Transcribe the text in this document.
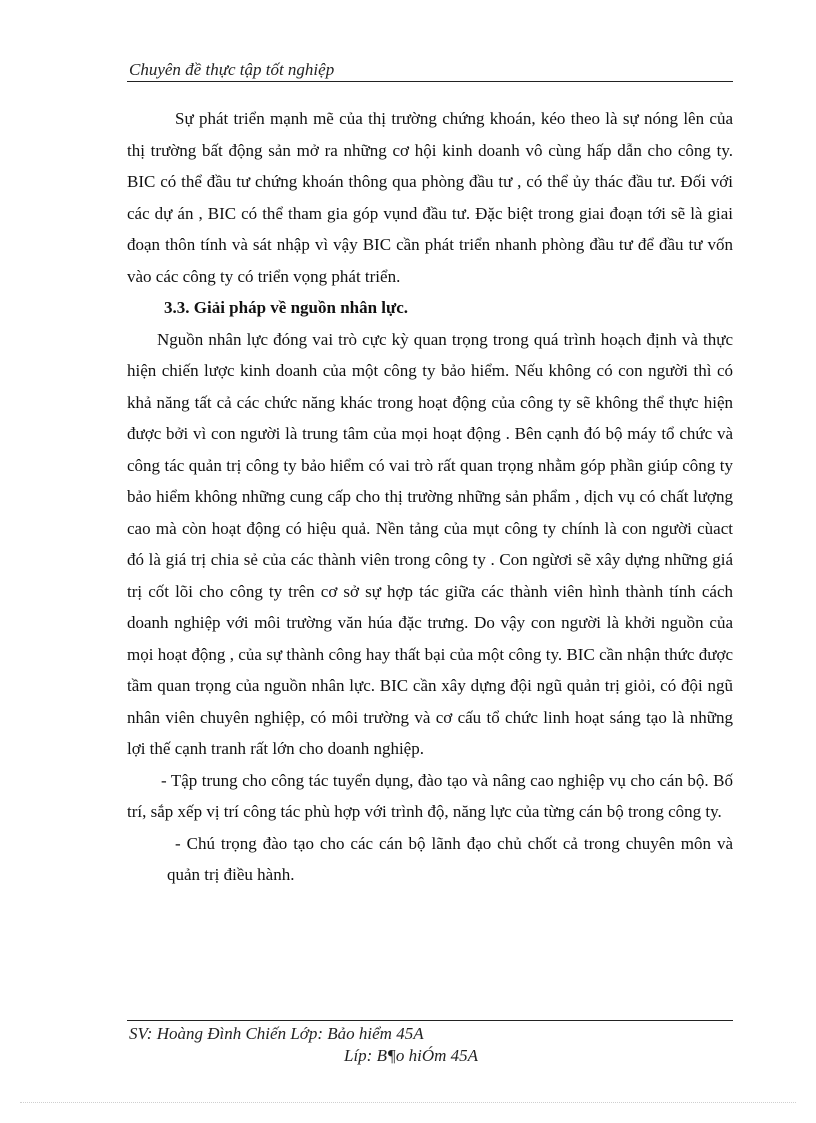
Chuyên đề thực tập tốt nghiệp

Sự phát triển mạnh mẽ của thị trường chứng khoán, kéo theo là sự nóng lên của thị trường bất động sản mở ra những cơ hội kinh doanh vô cùng hấp dẫn cho công ty. BIC có thể đầu tư chứng khoán thông qua phòng đầu tư , có thể ủy thác đầu tư. Đối với các dự án , BIC có thể tham gia góp vụnd đầu tư. Đặc biệt trong giai đoạn tới sẽ là giai đoạn thôn tính và sát nhập vì vậy BIC cần phát triển nhanh phòng đầu tư để đầu tư vốn vào các công ty có triển vọng phát triển.

3.3. Giải pháp về nguồn nhân lực.

Nguồn nhân lực đóng vai trò cực kỳ quan trọng trong quá trình hoạch định và thực hiện chiến lược kinh doanh của một công ty bảo hiểm. Nếu không có con người thì có khả năng tất cả các chức năng khác trong hoạt động của công ty sẽ không thể thực hiện được bởi vì con người là trung tâm của mọi hoạt động . Bên cạnh đó bộ máy tổ chức và công tác quản trị công ty bảo hiểm có vai trò rất quan trọng nhằm góp phần giúp công ty bảo hiểm không những cung cấp cho thị trường những sản phẩm , dịch vụ có chất lượng cao mà còn hoạt động có hiệu quả. Nền tảng của mụt công ty chính là con người cùact đó là giá trị chia sẻ của các thành viên trong công ty . Con ngừơi sẽ xây dựng những giá trị cốt lõi cho công ty trên cơ sở sự hợp tác giữa các thành viên hình thành tính cách doanh nghiệp với môi trường văn húa đặc trưng. Do vậy con người là khởi nguồn của mọi hoạt động , của sự thành công hay thất bại của một công ty. BIC cần nhận thức được tầm quan trọng của nguồn nhân lực. BIC cần xây dựng đội ngũ quản trị giỏi, có đội ngũ nhân viên chuyên nghiệp, có môi trường và cơ cấu tổ chức linh hoạt sáng tạo là những lợi thế cạnh tranh rất lớn cho doanh nghiệp.

- Tập trung cho công tác tuyển dụng, đào tạo và nâng cao nghiệp vụ cho cán bộ. Bố trí, sắp xếp vị trí công tác phù hợp với trình độ, năng lực của từng cán bộ trong công ty.

- Chú trọng đào tạo cho các cán bộ lãnh đạo chủ chốt cả trong chuyên môn và quản trị điều hành.

SV: Hoàng Đình Chiến Lớp: Bảo hiểm 45A
Líp: B¶o hiÓm 45A
